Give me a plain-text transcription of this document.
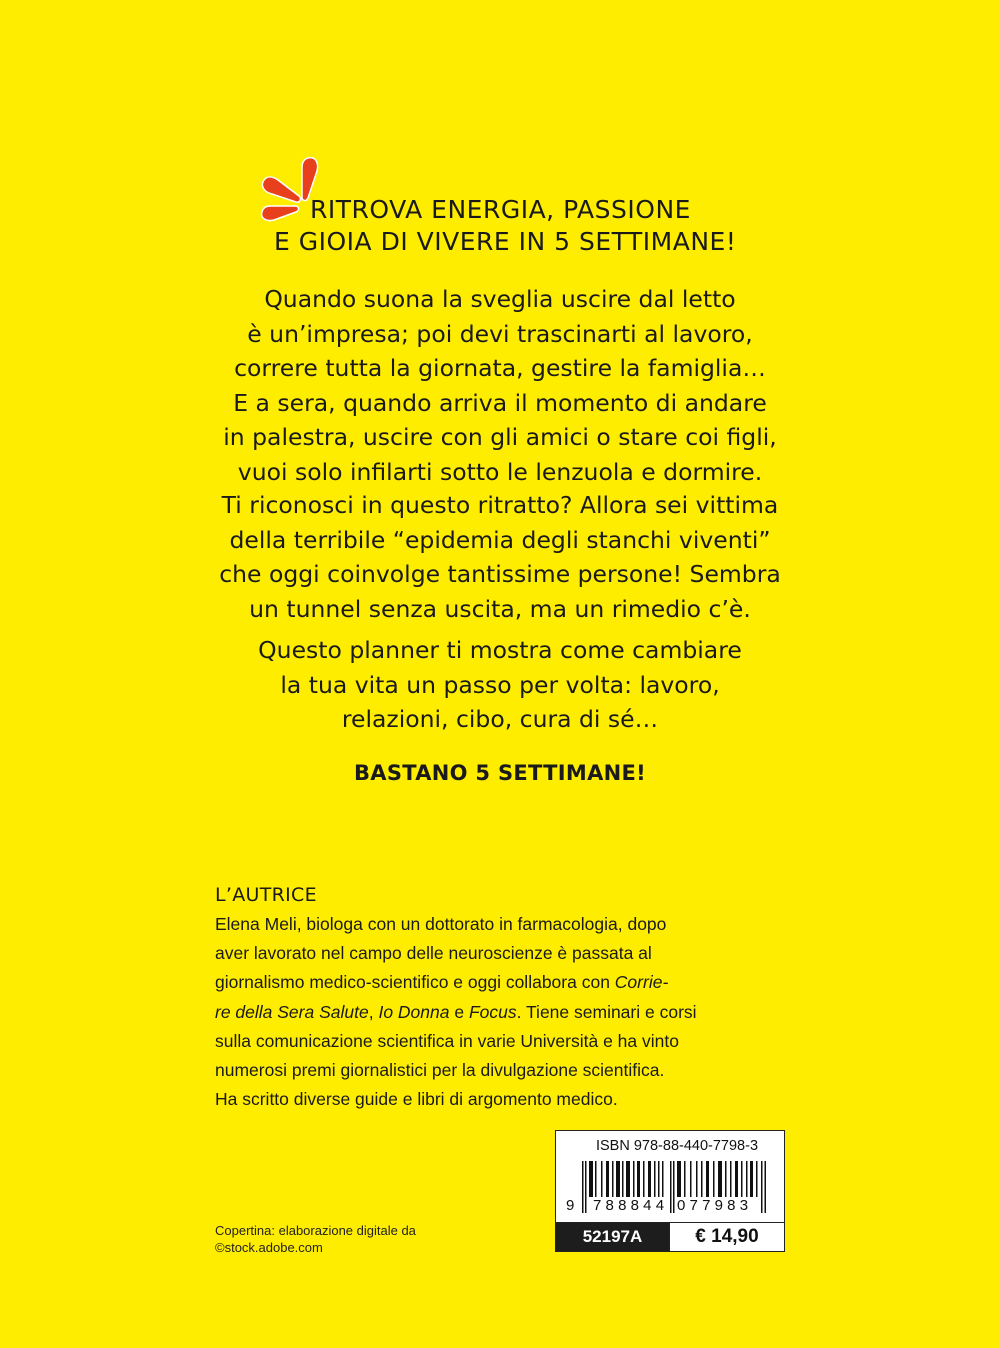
RITROVA ENERGIA, PASSIONE
E GIOIA DI VIVERE IN 5 SETTIMANE!
Quando suona la sveglia uscire dal letto
è un’impresa; poi devi trascinarti al lavoro,
correre tutta la giornata, gestire la famiglia…
E a sera, quando arriva il momento di andare
in palestra, uscire con gli amici o stare coi figli,
vuoi solo infilarti sotto le lenzuola e dormire.
Ti riconosci in questo ritratto? Allora sei vittima
della terribile “epidemia degli stanchi viventi”
che oggi coinvolge tantissime persone! Sembra
un tunnel senza uscita, ma un rimedio c’è.
Questo planner ti mostra come cambiare
la tua vita un passo per volta: lavoro,
relazioni, cibo, cura di sé…
BASTANO 5 SETTIMANE!
L’AUTRICE
Elena Meli, biologa con un dottorato in farmacologia, dopo
aver lavorato nel campo delle neuroscienze è passata al
giornalismo medico-scientifico e oggi collabora con Corrie-
re della Sera Salute, Io Donna e Focus. Tiene seminari e corsi
sulla comunicazione scientifica in varie Università e ha vinto
numerosi premi giornalistici per la divulgazione scientifica.
Ha scritto diverse guide e libri di argomento medico.
Copertina: elaborazione digitale da
©stock.adobe.com
ISBN 978-88-440-7798-3
9 788844 077983
52197A	€ 14,90
